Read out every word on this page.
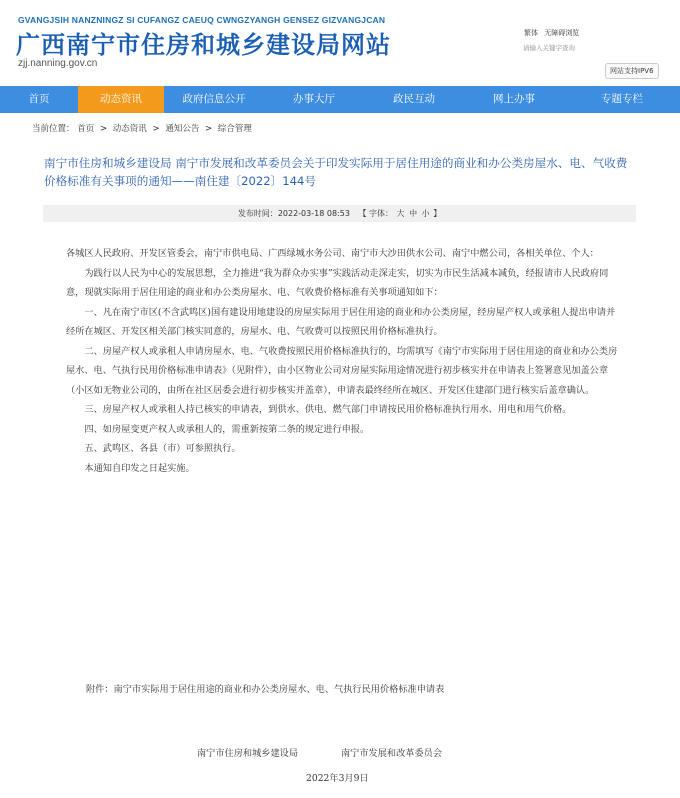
GVANGJSIH NANZNINGZ SI CUFANGZ CAEUQ CWNGZYANGH GENSEZ GIZVANGJCAN
广西南宁市住房和城乡建设局网站
zjj.nanning.gov.cn
繁体 无障碍浏览
请输入关键字查询
网站支持IPV6
首页	动态资讯	政府信息公开	办事大厅	政民互动	网上办事	专题专栏
当前位置： 首页 > 动态资讯 > 通知公告 > 综合管理
南宁市住房和城乡建设局 南宁市发展和改革委员会关于印发实际用于居住用途的商业和办公类房屋水、电、气收费价格标准有关事项的通知——南住建〔2022〕144号
发布时间：2022-03-18 08:53 【 字体： 大 中 小 】

各城区人民政府、开发区管委会，南宁市供电局、广西绿城水务公司、南宁市大沙田供水公司、南宁中燃公司，各相关单位、个人：

为践行以人民为中心的发展思想，全力推进“我为群众办实事”实践活动走深走实，切实为市民生活减本减负，经报请市人民政府同意，现就实际用于居住用途的商业和办公类房屋水、电、气收费价格标准有关事项通知如下：

一、凡在南宁市区(不含武鸣区)国有建设用地建设的房屋实际用于居住用途的商业和办公类房屋，经房屋产权人或承租人提出申请并经所在城区、开发区相关部门核实同意的，房屋水、电、气收费可以按照民用价格标准执行。

二、房屋产权人或承租人申请房屋水、电、气收费按照民用价格标准执行的，均需填写《南宁市实际用于居住用途的商业和办公类房屋水、电、气执行民用价格标准申请表》（见附件），由小区物业公司对房屋实际用途情况进行初步核实并在申请表上签署意见加盖公章（小区如无物业公司的，由所在社区居委会进行初步核实并盖章），申请表最终经所在城区、开发区住建部门进行核实后盖章确认。

三、房屋产权人或承租人持已核实的申请表，到供水、供电、燃气部门申请按民用价格标准执行用水、用电和用气价格。

四、如房屋变更产权人或承租人的，需重新按第二条的规定进行申报。

五、武鸣区、各县（市）可参照执行。

本通知自印发之日起实施。

附件：南宁市实际用于居住用途的商业和办公类房屋水、电、气执行民用价格标准申请表
南宁市住房和城乡建设局	南宁市发展和改革委员会
2022年3月9日
